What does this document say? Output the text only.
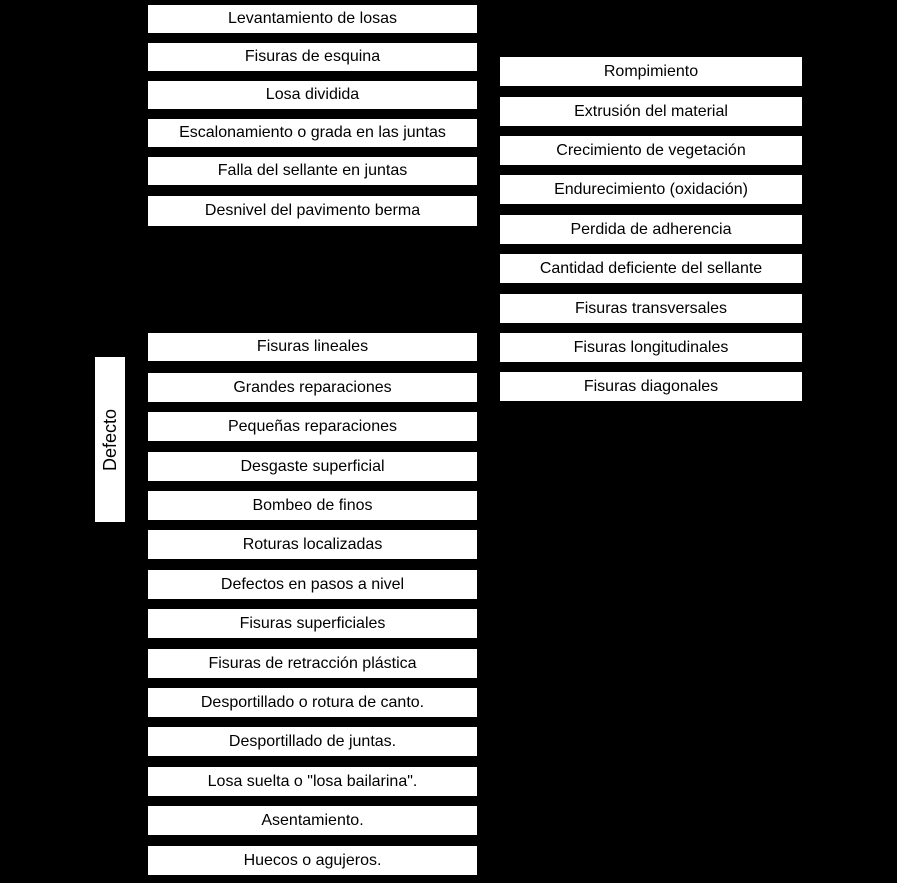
Defecto
Levantamiento de losas
Fisuras de esquina
Losa dividida
Escalonamiento o grada en las juntas
Falla del sellante en juntas
Desnivel del pavimento berma
Fisuras lineales
Grandes reparaciones
Pequeñas reparaciones
Desgaste superficial
Bombeo de finos
Roturas localizadas
Defectos en pasos a nivel
Fisuras superficiales
Fisuras de retracción plástica
Desportillado o rotura de canto.
Desportillado de juntas.
Losa suelta o "losa bailarina".
Asentamiento.
Huecos o agujeros.
Rompimiento
Extrusión del material
Crecimiento de vegetación
Endurecimiento (oxidación)
Perdida de adherencia
Cantidad deficiente del sellante
Fisuras transversales
Fisuras longitudinales
Fisuras diagonales
